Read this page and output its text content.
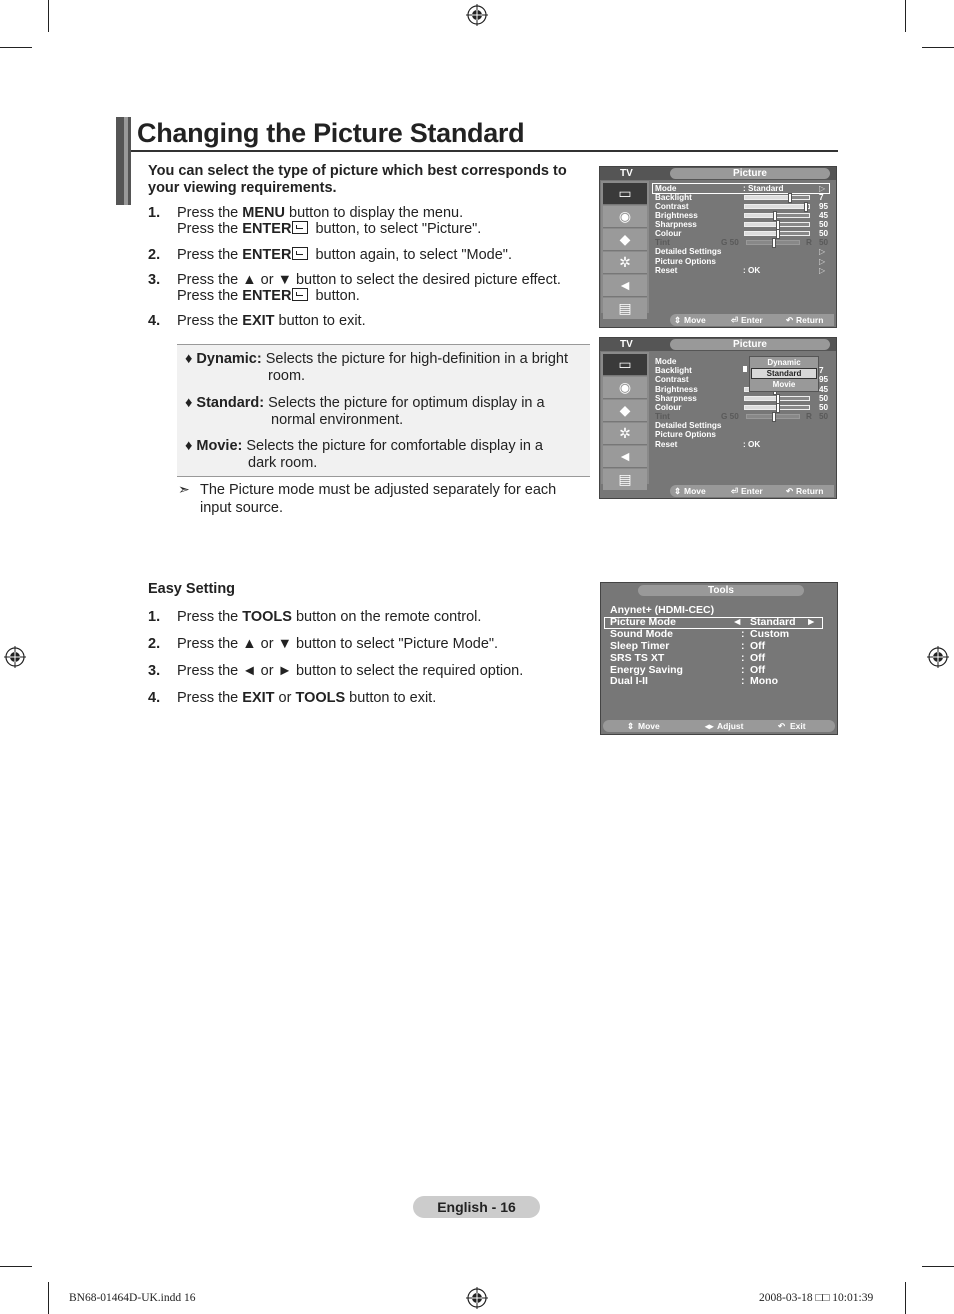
Changing the Picture Standard
You can select the type of picture which best corresponds to your viewing requirements.
1. Press the MENU button to display the menu.
Press the ENTER button, to select "Picture".
2. Press the ENTER button again, to select "Mode".
3. Press the ▲ or ▼ button to select the desired picture effect.
Press the ENTER button.
4. Press the EXIT button to exit.
♦ Dynamic: Selects the picture for high-definition in a bright
room.
♦ Standard: Selects the picture for optimum display in a
normal environment.
♦ Movie: Selects the picture for comfortable display in a
dark room.
➣ The Picture mode must be adjusted separately for each input source.
Easy Setting
1. Press the TOOLS button on the remote control.
2. Press the ▲ or ▼ button to select "Picture Mode".
3. Press the ◄ or ► button to select the required option.
4. Press the EXIT or TOOLS button to exit.
TV	Picture
▭
◉
◆
✲
◄
▤
Mode	: Standard	▷
Backlight	7
Contrast	95
Brightness	45
Sharpness	50
Colour	50
Tint	G 50	R 50
Detailed Settings	▷
Picture Options	▷
Reset	: OK	▷
⇕ Move	⏎ Enter	↶ Return
TV	Picture
▭
◉
◆
✲
◄
▤
Mode
Backlight	7
Contrast	95
Brightness	45
Sharpness	50
Colour	50
Tint	G 50	R 50
Detailed Settings
Picture Options
Reset	: OK
Dynamic
Standard
Movie
⇕ Move	⏎ Enter	↶ Return
Tools
Anynet+ (HDMI-CEC)
Picture Mode	◄ Standard ►
Sound Mode	: Custom
Sleep Timer	: Off
SRS TS XT	: Off
Energy Saving	: Off
Dual I-II	: Mono
⇕ Move	◂▸ Adjust	↶ Exit
English - 16
BN68-01464D-UK.indd 16	2008-03-18 □□ 10:01:39
